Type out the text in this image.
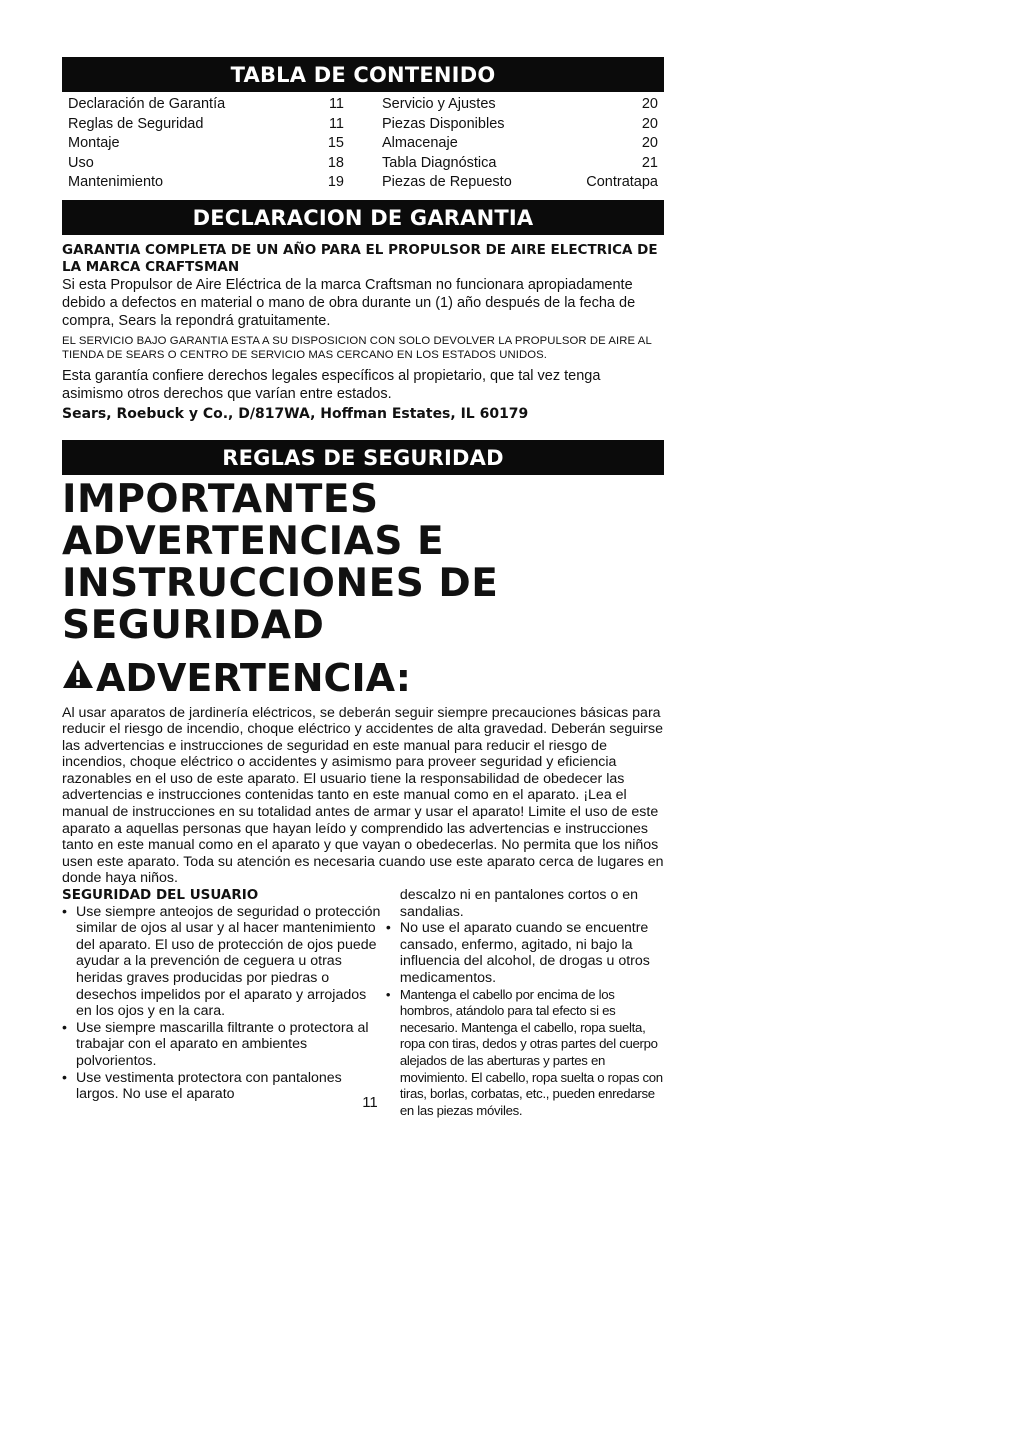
TABLA DE CONTENIDO
Declaración de Garantía	11
Reglas de Seguridad	11
Montaje	15
Uso	18
Mantenimiento	19
Servicio y Ajustes	20
Piezas Disponibles	20
Almacenaje	20
Tabla Diagnóstica	21
Piezas de Repuesto	Contratapa
DECLARACION DE GARANTIA
GARANTIA COMPLETA DE UN AÑO PARA EL PROPULSOR DE AIRE ELECTRICA DE LA MARCA CRAFTSMAN

Si esta Propulsor de Aire Eléctrica de la marca Craftsman no funcionara apropiadamente debido a defectos en material o mano de obra durante un (1) año después de la fecha de compra, Sears la repondrá gratuitamente.

EL SERVICIO BAJO GARANTIA ESTA A SU DISPOSICION CON SOLO DEVOLVER LA PROPULSOR DE AIRE AL TIENDA DE SEARS O CENTRO DE SERVICIO MAS CERCANO EN LOS ESTADOS UNIDOS.

Esta garantía confiere derechos legales específicos al propietario, que tal vez tenga asimismo otros derechos que varían entre estados.

Sears, Roebuck y Co., D/817WA, Hoffman Estates, IL 60179
REGLAS DE SEGURIDAD
IMPORTANTES ADVERTENCIAS E
INSTRUCCIONES DE SEGURIDAD
ADVERTENCIA:
Al usar aparatos de jardinería eléctricos, se deberán seguir siempre precauciones básicas para reducir el riesgo de incendio, choque eléctrico y accidentes de alta gravedad. Deberán seguirse las advertencias e instrucciones de seguridad en este manual para reducir el riesgo de incendios, choque eléctrico o accidentes y asimismo para proveer seguridad y eficiencia razonables en el uso de este aparato. El usuario tiene la responsabilidad de obedecer las advertencias e instrucciones contenidas tanto en este manual como en el aparato. ¡Lea el manual de instrucciones en su totalidad antes de armar y usar el aparato! Limite el uso de este aparato a aquellas personas que hayan leído y comprendido las advertencias e instrucciones tanto en este manual como en el aparato y que vayan o obedecerlas. No permita que los niños usen este aparato. Toda su atención es necesaria cuando use este aparato cerca de lugares en donde haya niños.
SEGURIDAD DEL USUARIO
• Use siempre anteojos de seguridad o protección similar de ojos al usar y al hacer mantenimiento del aparato. El uso de protección de ojos puede ayudar a la prevención de ceguera u otras heridas graves producidas por piedras o desechos impelidos por el aparato y arrojados en los ojos y en la cara.
• Use siempre mascarilla filtrante o protectora al trabajar con el aparato en ambientes polvorientos.
• Use vestimenta protectora con pantalones largos. No use el aparato
descalzo ni en pantalones cortos o en sandalias.
• No use el aparato cuando se encuentre cansado, enfermo, agitado, ni bajo la influencia del alcohol, de drogas u otros medicamentos.
• Mantenga el cabello por encima de los hombros, atándolo para tal efecto si es necesario. Mantenga el cabello, ropa suelta, ropa con tiras, dedos y otras partes del cuerpo alejados de las aberturas y partes en movimiento. El cabello, ropa suelta o ropas con tiras, borlas, corbatas, etc., pueden enredarse en las piezas móviles.
11
